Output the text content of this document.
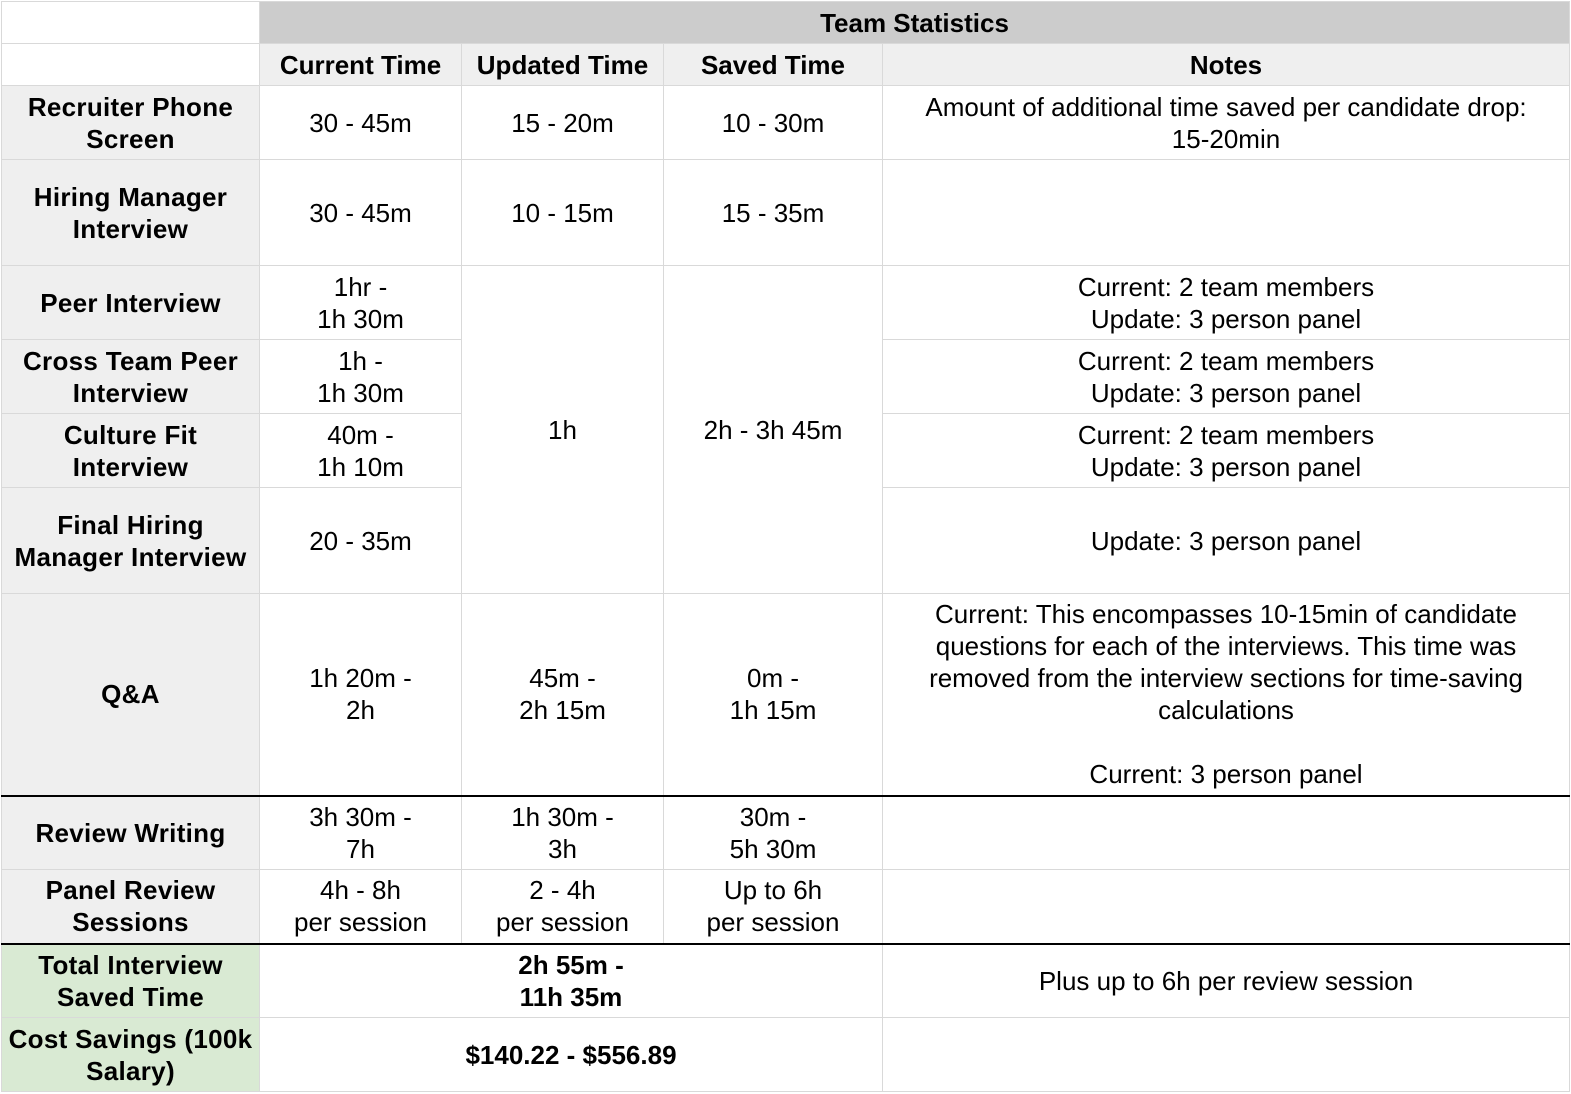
	Team Statistics			
	Current Time	Updated Time	Saved Time	Notes
Recruiter Phone Screen	30 - 45m	15 - 20m	10 - 30m	Amount of additional time saved per candidate drop:
15-20min
Hiring Manager Interview	30 - 45m	10 - 15m	15 - 35m	
Peer Interview	1hr -
1h 30m	1h	2h - 3h 45m	Current: 2 team members
Update: 3 person panel
Cross Team Peer Interview	1h -
1h 30m			Current: 2 team members
Update: 3 person panel
Culture Fit Interview	40m -
1h 10m			Current: 2 team members
Update: 3 person panel
Final Hiring Manager Interview	20 - 35m			Update: 3 person panel
Q&A	1h 20m -
2h	45m -
2h 15m	0m -
1h 15m	Current: This encompasses 10-15min of candidate questions for each of the interviews. This time was removed from the interview sections for time-saving calculations

Current: 3 person panel
Review Writing	3h 30m -
7h	1h 30m -
3h	30m -
5h 30m	
Panel Review Sessions	4h - 8h
per session	2 - 4h
per session	Up to 6h
per session	
Total Interview Saved Time	2h 55m -
11h 35m			Plus up to 6h per review session
Cost Savings (100k Salary)	$140.22 - $556.89			
